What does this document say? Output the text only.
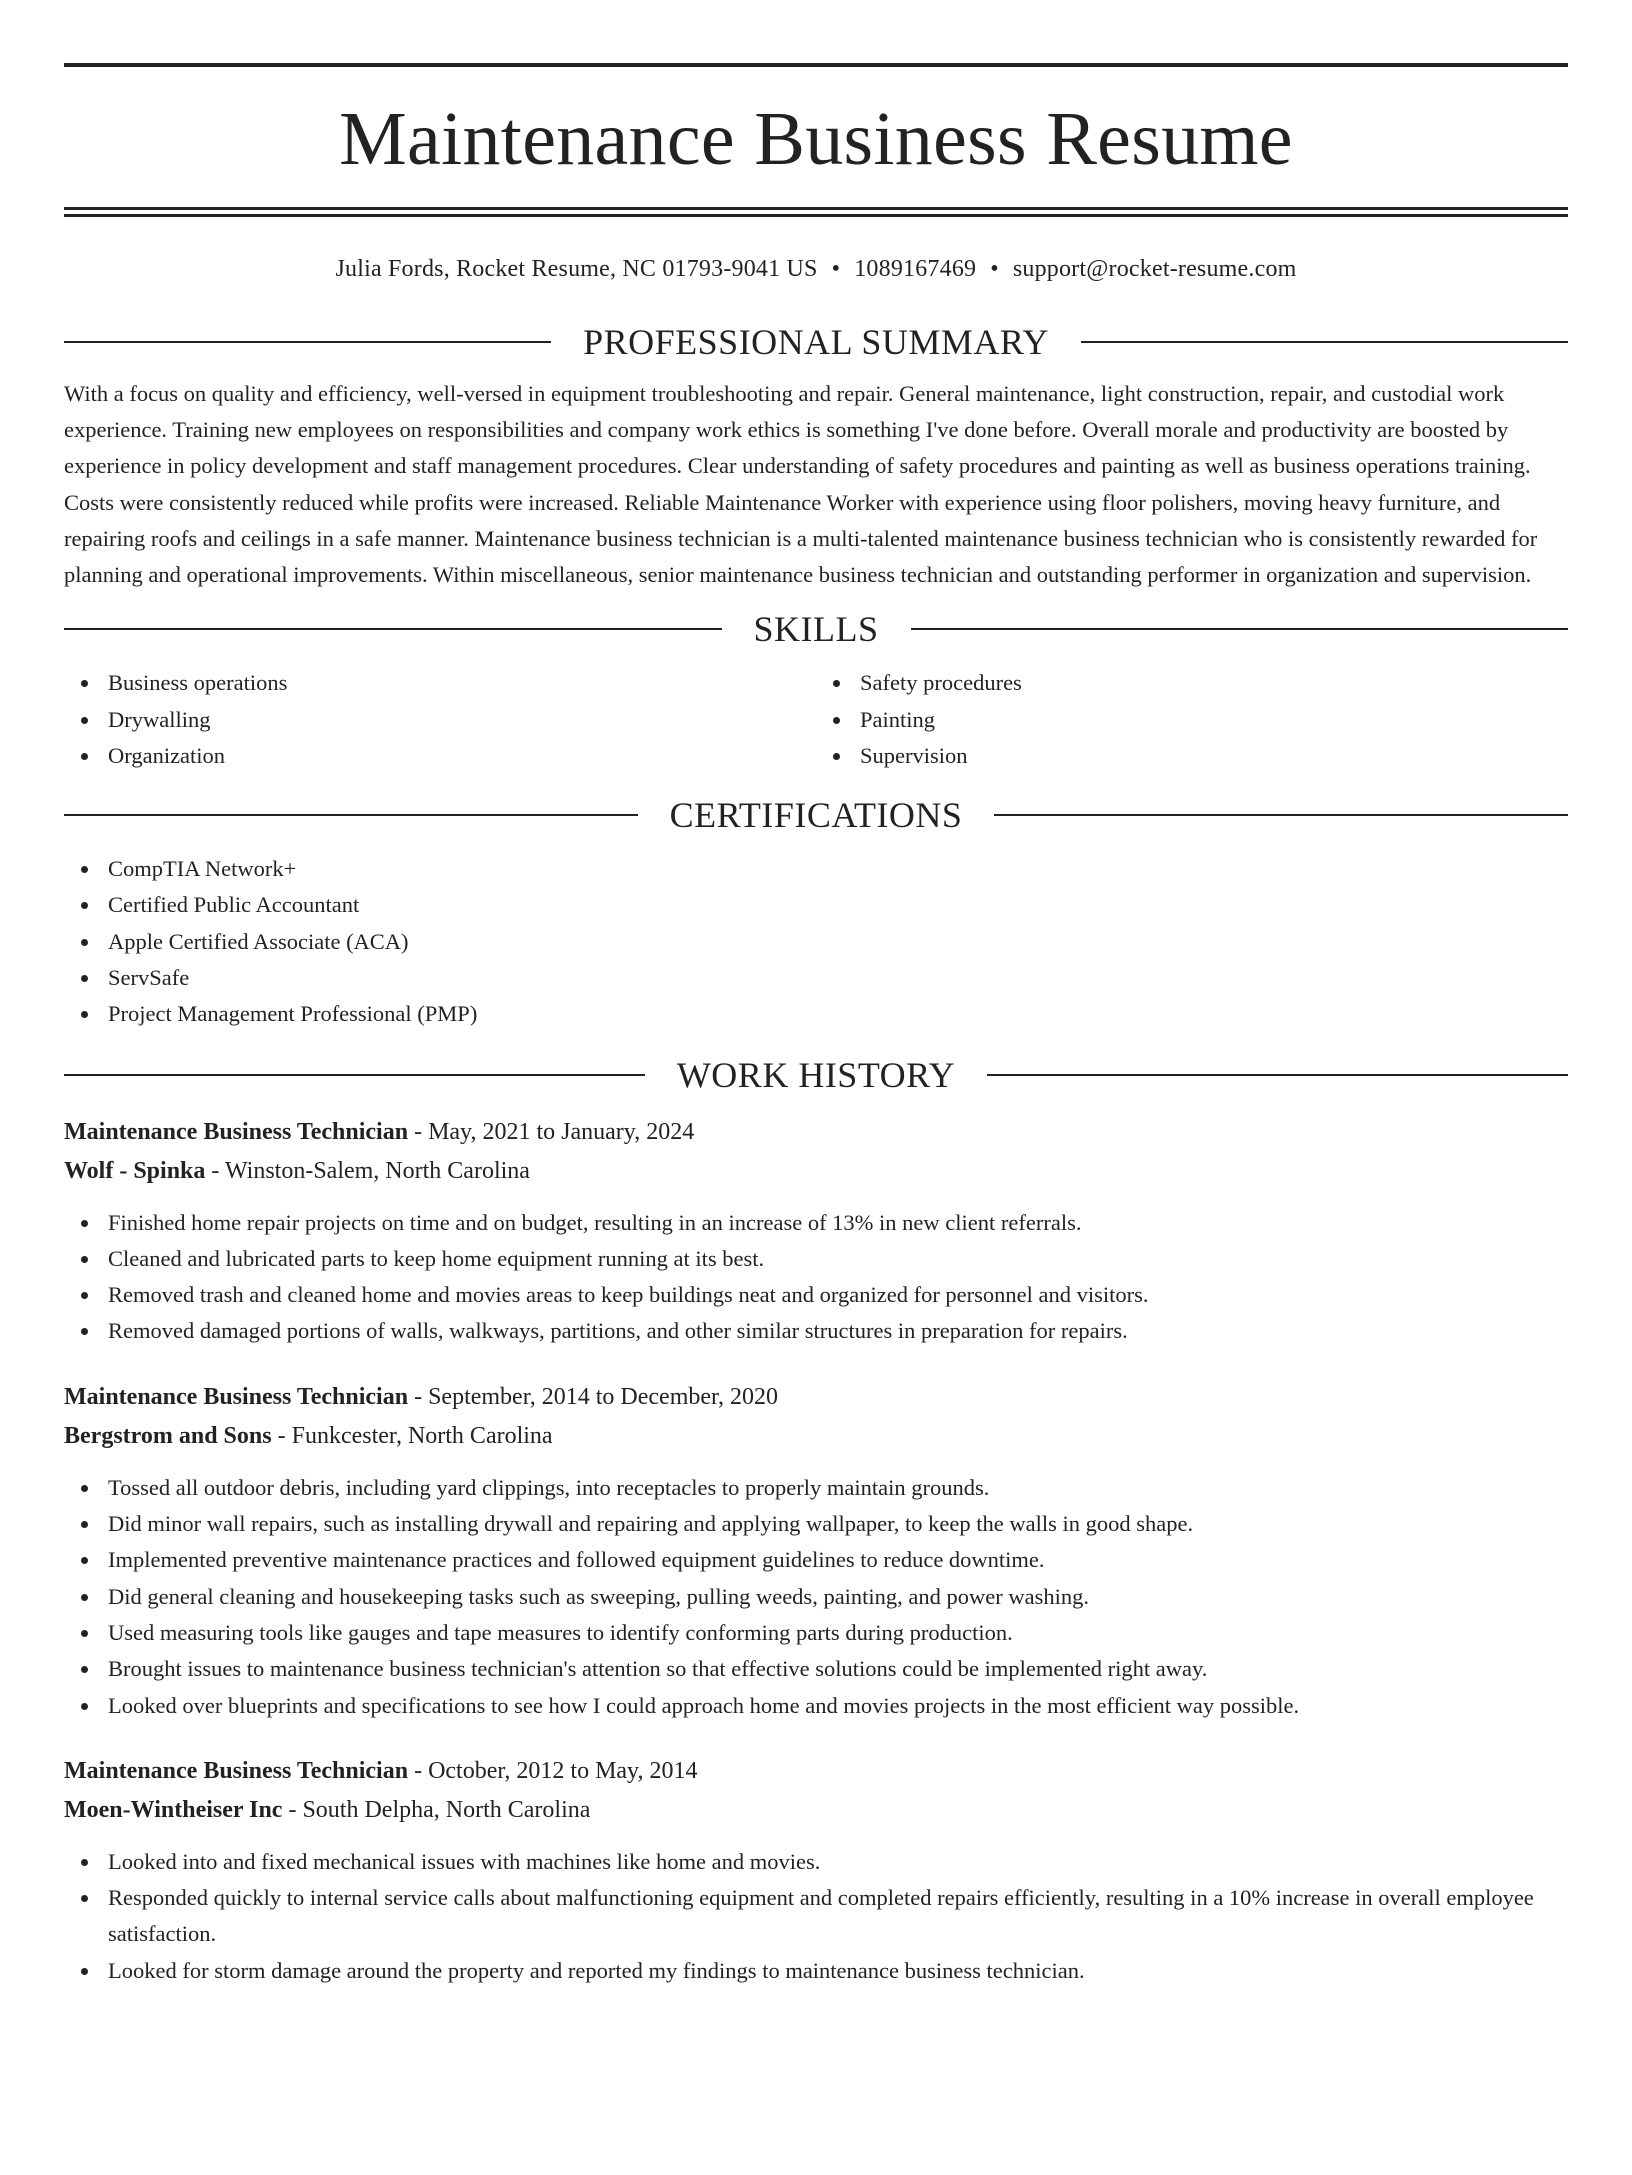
Maintenance Business Resume
Julia Fords, Rocket Resume, NC 01793-9041 US • 1089167469 • support@rocket-resume.com
PROFESSIONAL SUMMARY

With a focus on quality and efficiency, well-versed in equipment troubleshooting and repair. General maintenance, light construction, repair, and custodial work experience. Training new employees on responsibilities and company work ethics is something I've done before. Overall morale and productivity are boosted by experience in policy development and staff management procedures. Clear understanding of safety procedures and painting as well as business operations training. Costs were consistently reduced while profits were increased. Reliable Maintenance Worker with experience using floor polishers, moving heavy furniture, and repairing roofs and ceilings in a safe manner. Maintenance business technician is a multi-talented maintenance business technician who is consistently rewarded for planning and operational improvements. Within miscellaneous, senior maintenance business technician and outstanding performer in organization and supervision.

SKILLS
Business operations
Drywalling
Organization
Safety procedures
Painting
Supervision
CERTIFICATIONS
CompTIA Network+
Certified Public Accountant
Apple Certified Associate (ACA)
ServSafe
Project Management Professional (PMP)
WORK HISTORY
Maintenance Business Technician - May, 2021 to January, 2024
Wolf - Spinka - Winston-Salem, North Carolina
Finished home repair projects on time and on budget, resulting in an increase of 13% in new client referrals.
Cleaned and lubricated parts to keep home equipment running at its best.
Removed trash and cleaned home and movies areas to keep buildings neat and organized for personnel and visitors.
Removed damaged portions of walls, walkways, partitions, and other similar structures in preparation for repairs.
Maintenance Business Technician - September, 2014 to December, 2020
Bergstrom and Sons - Funkcester, North Carolina
Tossed all outdoor debris, including yard clippings, into receptacles to properly maintain grounds.
Did minor wall repairs, such as installing drywall and repairing and applying wallpaper, to keep the walls in good shape.
Implemented preventive maintenance practices and followed equipment guidelines to reduce downtime.
Did general cleaning and housekeeping tasks such as sweeping, pulling weeds, painting, and power washing.
Used measuring tools like gauges and tape measures to identify conforming parts during production.
Brought issues to maintenance business technician's attention so that effective solutions could be implemented right away.
Looked over blueprints and specifications to see how I could approach home and movies projects in the most efficient way possible.
Maintenance Business Technician - October, 2012 to May, 2014
Moen-Wintheiser Inc - South Delpha, North Carolina
Looked into and fixed mechanical issues with machines like home and movies.
Responded quickly to internal service calls about malfunctioning equipment and completed repairs efficiently, resulting in a 10% increase in overall employee satisfaction.
Looked for storm damage around the property and reported my findings to maintenance business technician.
